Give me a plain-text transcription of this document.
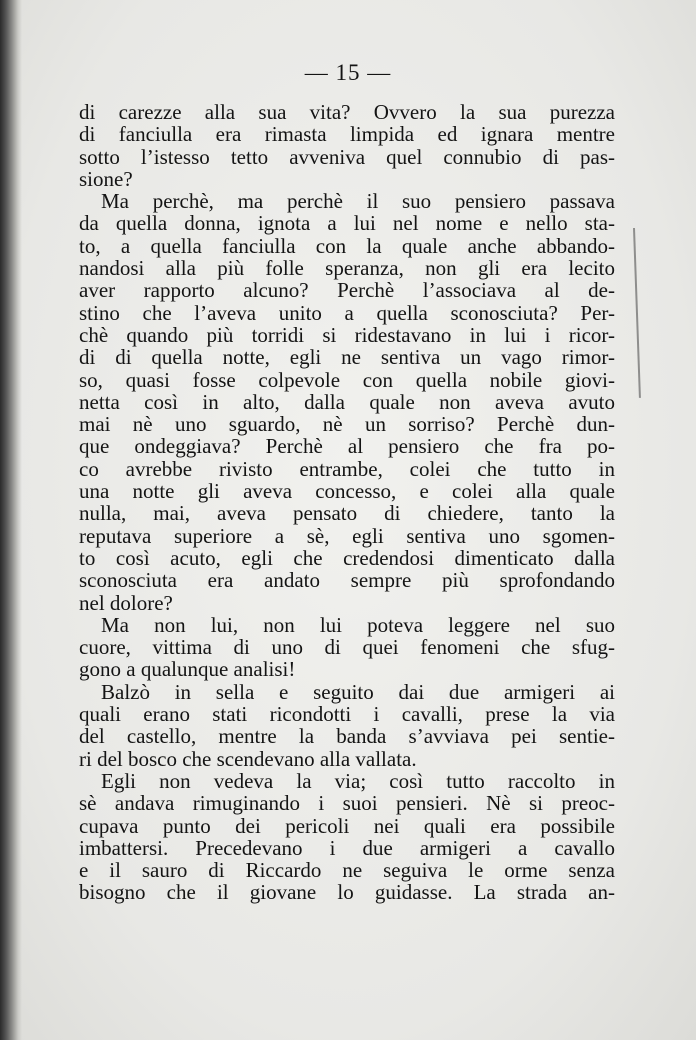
— 15 —
di carezze alla sua vita? Ovvero la sua purezza
di fanciulla era rimasta limpida ed ignara mentre
sotto l’istesso tetto avveniva quel connubio di pas-
sione?
Ma perchè, ma perchè il suo pensiero passava
da quella donna, ignota a lui nel nome e nello sta-
to, a quella fanciulla con la quale anche abbando-
nandosi alla più folle speranza, non gli era lecito
aver rapporto alcuno? Perchè l’associava al de-
stino che l’aveva unito a quella sconosciuta? Per-
chè quando più torridi si ridestavano in lui i ricor-
di di quella notte, egli ne sentiva un vago rimor-
so, quasi fosse colpevole con quella nobile giovi-
netta così in alto, dalla quale non aveva avuto
mai nè uno sguardo, nè un sorriso? Perchè dun-
que ondeggiava? Perchè al pensiero che fra po-
co avrebbe rivisto entrambe, colei che tutto in
una notte gli aveva concesso, e colei alla quale
nulla, mai, aveva pensato di chiedere, tanto la
reputava superiore a sè, egli sentiva uno sgomen-
to così acuto, egli che credendosi dimenticato dalla
sconosciuta era andato sempre più sprofondando
nel dolore?
Ma non lui, non lui poteva leggere nel suo
cuore, vittima di uno di quei fenomeni che sfug-
gono a qualunque analisi!
Balzò in sella e seguito dai due armigeri ai
quali erano stati ricondotti i cavalli, prese la via
del castello, mentre la banda s’avviava pei sentie-
ri del bosco che scendevano alla vallata.
Egli non vedeva la via; così tutto raccolto in
sè andava rimuginando i suoi pensieri. Nè si preoc-
cupava punto dei pericoli nei quali era possibile
imbattersi. Precedevano i due armigeri a cavallo
e il sauro di Riccardo ne seguiva le orme senza
bisogno che il giovane lo guidasse. La strada an-
